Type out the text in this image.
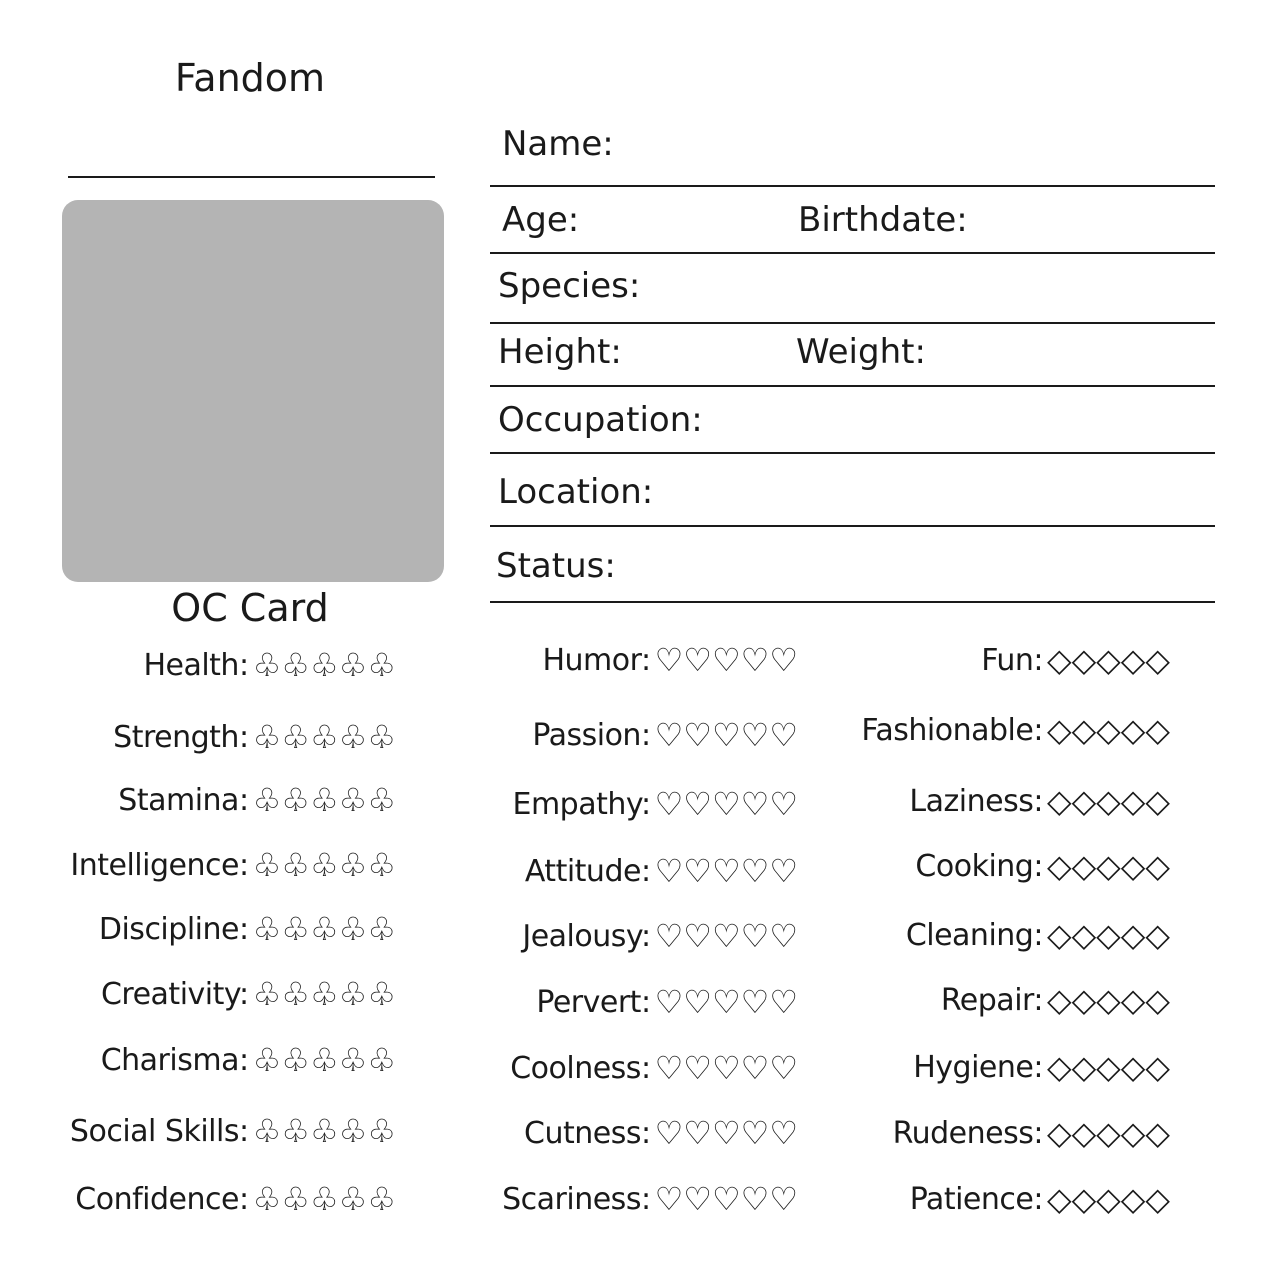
Fandom
OC Card
Name:
Age:	Birthdate:
Species:
Height:	Weight:
Occupation:
Location:
Status:
Health: ♧♧♧♧♧
Strength: ♧♧♧♧♧
Stamina: ♧♧♧♧♧
Intelligence: ♧♧♧♧♧
Discipline: ♧♧♧♧♧
Creativity: ♧♧♧♧♧
Charisma: ♧♧♧♧♧
Social Skills: ♧♧♧♧♧
Confidence: ♧♧♧♧♧
Humor: ♡♡♡♡♡
Passion: ♡♡♡♡♡
Empathy: ♡♡♡♡♡
Attitude: ♡♡♡♡♡
Jealousy: ♡♡♡♡♡
Pervert: ♡♡♡♡♡
Coolness: ♡♡♡♡♡
Cutness: ♡♡♡♡♡
Scariness: ♡♡♡♡♡
Fun: ◇◇◇◇◇
Fashionable: ◇◇◇◇◇
Laziness: ◇◇◇◇◇
Cooking: ◇◇◇◇◇
Cleaning: ◇◇◇◇◇
Repair: ◇◇◇◇◇
Hygiene: ◇◇◇◇◇
Rudeness: ◇◇◇◇◇
Patience: ◇◇◇◇◇
